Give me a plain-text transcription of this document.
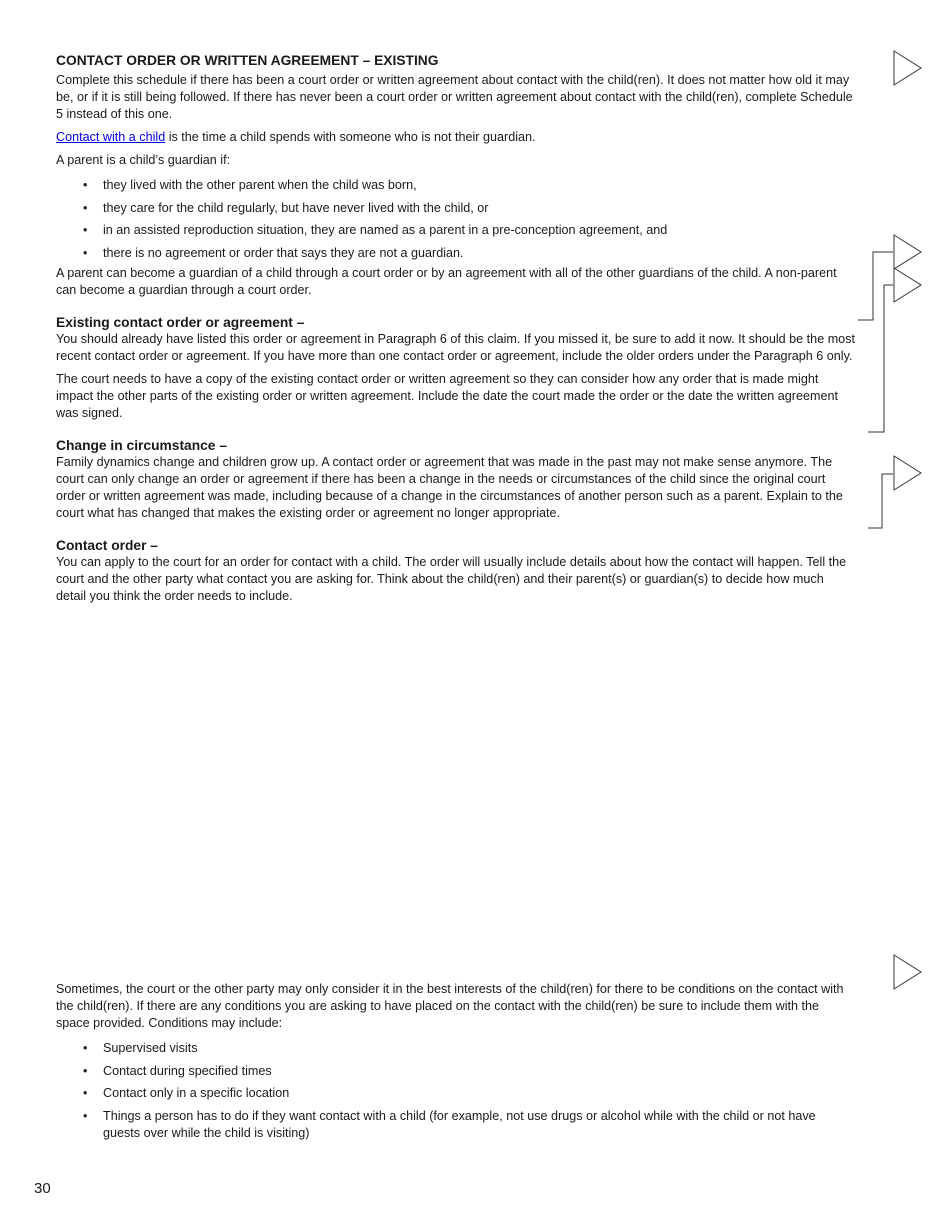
CONTACT ORDER OR WRITTEN AGREEMENT – EXISTING

Complete this schedule if there has been a court order or written agreement about contact with the child(ren). It does not matter how old it may be, or if it is still being followed. If there has never been a court order or written agreement about contact with the child(ren), complete Schedule 5 instead of this one.

Contact with a child is the time a child spends with someone who is not their guardian.

A parent is a child’s guardian if:

• they lived with the other parent when the child was born,
• they care for the child regularly, but have never lived with the child, or
• in an assisted reproduction situation, they are named as a parent in a pre-conception agreement, and
• there is no agreement or order that says they are not a guardian.

A parent can become a guardian of a child through a court order or by an agreement with all of the other guardians of the child. A non-parent can become a guardian through a court order.

Existing contact order or agreement –

You should already have listed this order or agreement in Paragraph 6 of this claim. If you missed it, be sure to add it now. It should be the most recent contact order or agreement. If you have more than one contact order or agreement, include the older orders under the Paragraph 6 only.

The court needs to have a copy of the existing contact order or written agreement so they can consider how any order that is made might impact the other parts of the existing order or written agreement. Include the date the court made the order or the date the written agreement was signed.

Change in circumstance –

Family dynamics change and children grow up. A contact order or agreement that was made in the past may not make sense anymore. The court can only change an order or agreement if there has been a change in the needs or circumstances of the child since the original court order or written agreement was made, including because of a change in the circumstances of another person such as a parent. Explain to the court what has changed that makes the existing order or agreement no longer appropriate.

Contact order –

You can apply to the court for an order for contact with a child. The order will usually include details about how the contact will happen. Tell the court and the other party what contact you are asking for. Think about the child(ren) and their parent(s) or guardian(s) to decide how much detail you think the order needs to include.

Sometimes, the court or the other party may only consider it in the best interests of the child(ren) for there to be conditions on the contact with the child(ren). If there are any conditions you are asking to have placed on the contact with the child(ren) be sure to include them with the space provided. Conditions may include:

• Supervised visits
• Contact during specified times
• Contact only in a specific location
• Things a person has to do if they want contact with a child (for example, not use drugs or alcohol while with the child or not have guests over while the child is visiting)
30
